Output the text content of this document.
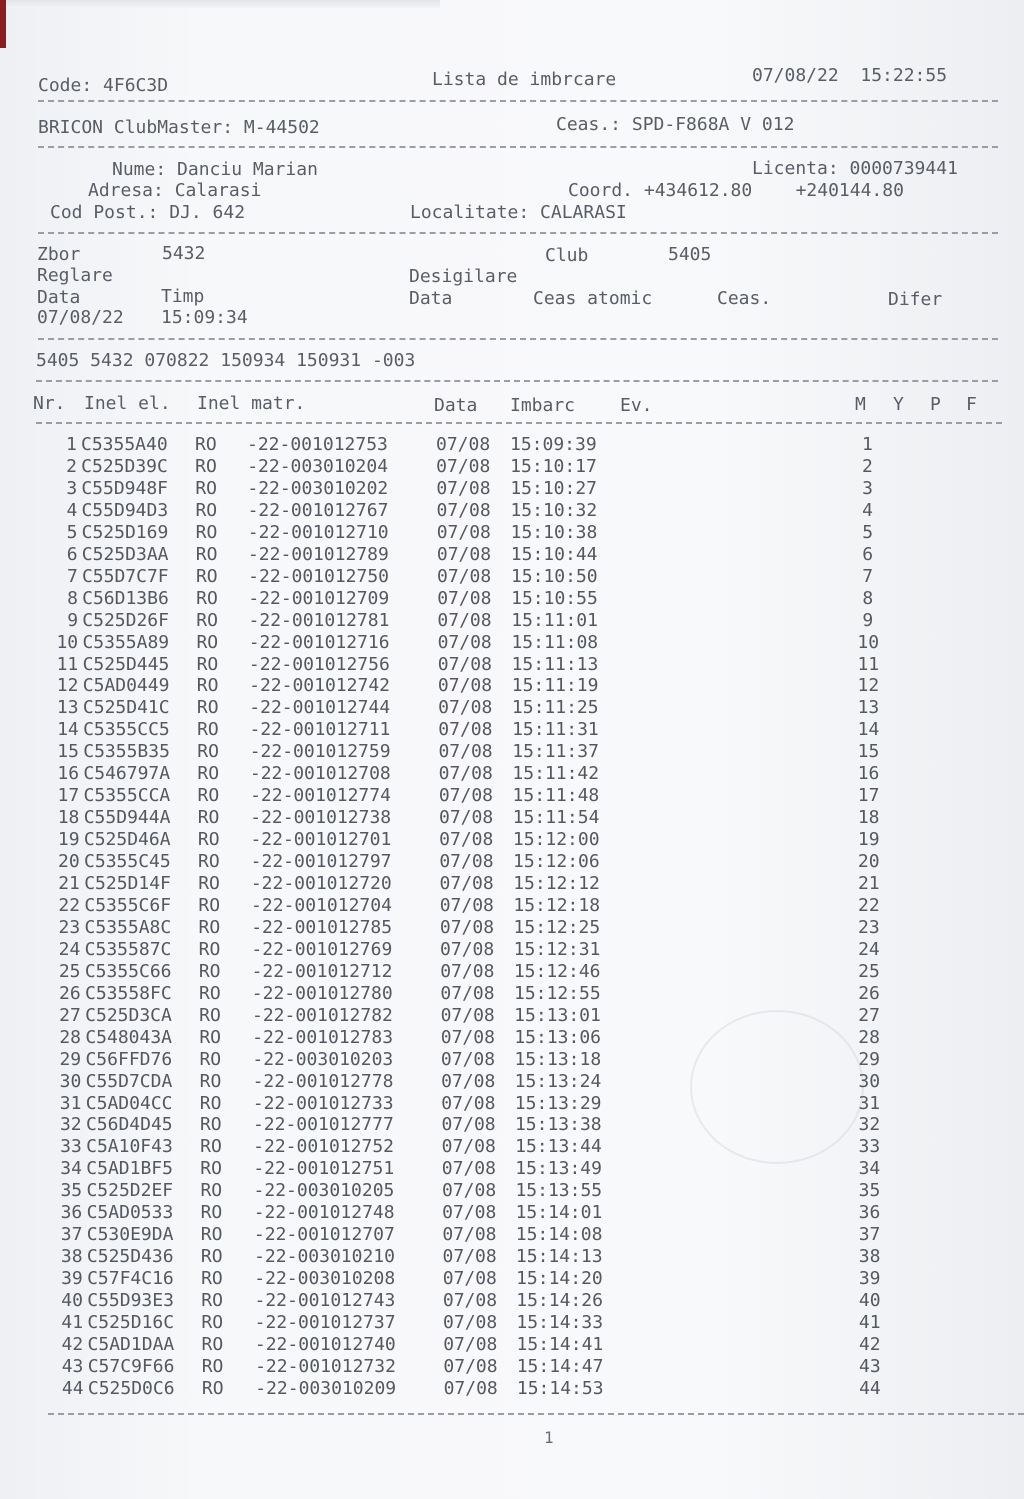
Code: 4F6C3D	Lista de imbrcare	07/08/22  15:22:55
BRICON ClubMaster: M-44502	Ceas.: SPD-F868A V 012
Nume: Danciu Marian	Licenta: 0000739441
Adresa: Calarasi	Coord. +434612.80    +240144.80
Cod Post.: DJ. 642	Localitate: CALARASI
Zbor	5432	Club	5405
Reglare	Desigilare
Data	Timp	Data	Ceas atomic	Ceas.	Difer
07/08/22 15:09:34
5405 5432 070822 150934 150931 -003
Nr. Inel el. Inel matr.	Data Imbarc Ev.	M Y P F
1 C5355A40 RO -22-001012753	07/08 15:09:39	1
2 C525D39C RO -22-003010204	07/08 15:10:17	2
3 C55D948F RO -22-003010202	07/08 15:10:27	3
4 C55D94D3 RO -22-001012767	07/08 15:10:32	4
5 C525D169 RO -22-001012710	07/08 15:10:38	5
6 C525D3AA RO -22-001012789	07/08 15:10:44	6
7 C55D7C7F RO -22-001012750	07/08 15:10:50	7
8 C56D13B6 RO -22-001012709	07/08 15:10:55	8
9 C525D26F RO -22-001012781	07/08 15:11:01	9
10 C5355A89 RO -22-001012716	07/08 15:11:08	10
11 C525D445 RO -22-001012756	07/08 15:11:13	11
12 C5AD0449 RO -22-001012742	07/08 15:11:19	12
13 C525D41C RO -22-001012744	07/08 15:11:25	13
14 C5355CC5 RO -22-001012711	07/08 15:11:31	14
15 C5355B35 RO -22-001012759	07/08 15:11:37	15
16 C546797A RO -22-001012708	07/08 15:11:42	16
17 C5355CCA RO -22-001012774	07/08 15:11:48	17
18 C55D944A RO -22-001012738	07/08 15:11:54	18
19 C525D46A RO -22-001012701	07/08 15:12:00	19
20 C5355C45 RO -22-001012797	07/08 15:12:06	20
21 C525D14F RO -22-001012720	07/08 15:12:12	21
22 C5355C6F RO -22-001012704	07/08 15:12:18	22
23 C5355A8C RO -22-001012785	07/08 15:12:25	23
24 C535587C RO -22-001012769	07/08 15:12:31	24
25 C5355C66 RO -22-001012712	07/08 15:12:46	25
26 C53558FC RO -22-001012780	07/08 15:12:55	26
27 C525D3CA RO -22-001012782	07/08 15:13:01	27
28 C548043A RO -22-001012783	07/08 15:13:06	28
29 C56FFD76 RO -22-003010203	07/08 15:13:18	29
30 C55D7CDA RO -22-001012778	07/08 15:13:24	30
31 C5AD04CC RO -22-001012733	07/08 15:13:29	31
32 C56D4D45 RO -22-001012777	07/08 15:13:38	32
33 C5A10F43 RO -22-001012752	07/08 15:13:44	33
34 C5AD1BF5 RO -22-001012751	07/08 15:13:49	34
35 C525D2EF RO -22-003010205	07/08 15:13:55	35
36 C5AD0533 RO -22-001012748	07/08 15:14:01	36
37 C530E9DA RO -22-001012707	07/08 15:14:08	37
38 C525D436 RO -22-003010210	07/08 15:14:13	38
39 C57F4C16 RO -22-003010208	07/08 15:14:20	39
40 C55D93E3 RO -22-001012743	07/08 15:14:26	40
41 C525D16C RO -22-001012737	07/08 15:14:33	41
42 C5AD1DAA RO -22-001012740	07/08 15:14:41	42
43 C57C9F66 RO -22-001012732	07/08 15:14:47	43
44 C525D0C6 RO -22-003010209	07/08 15:14:53	44
1
